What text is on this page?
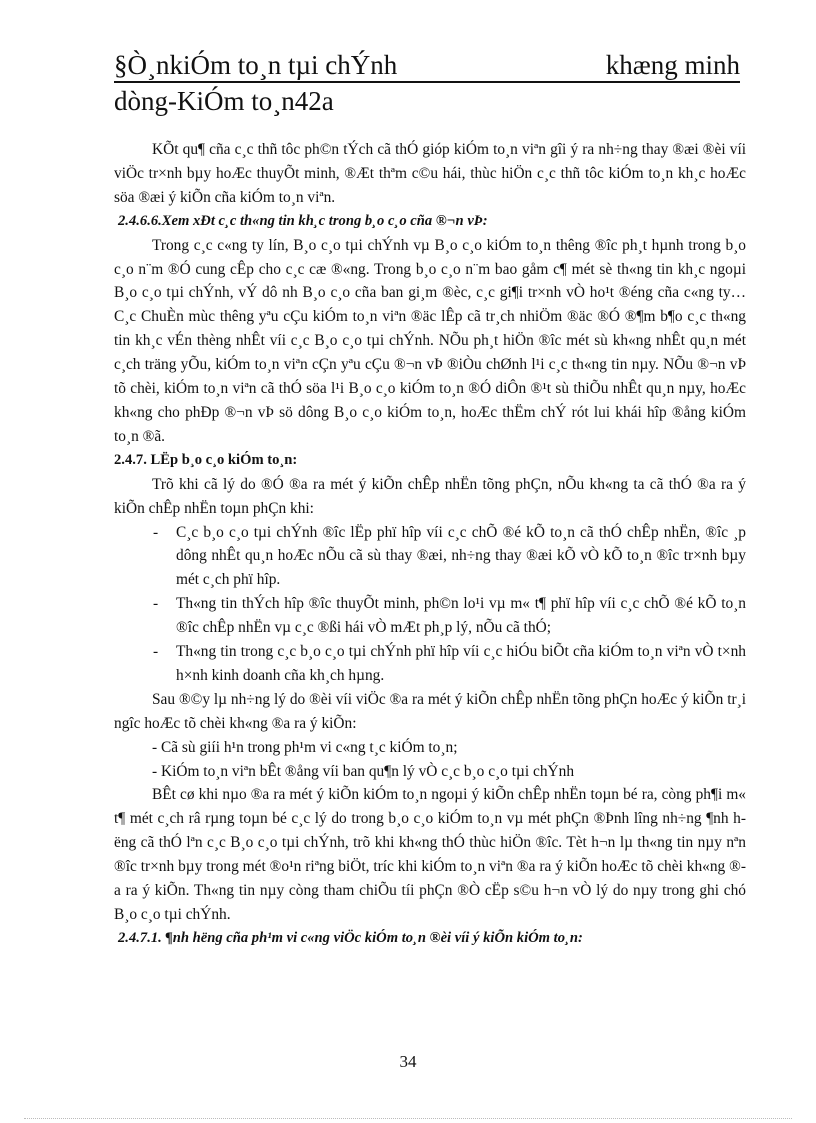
§Ò¸nkiÓm to¸n tµi chÝnh	khæng minh
dòng-KiÓm to¸n42a

KÕt qu¶ cña c¸c thñ tôc ph©n tÝch cã thÓ gióp kiÓm to¸n viªn gîi ý ra nh÷ng thay ®æi ®èi víi viÖc tr×nh bµy hoÆc thuyÕt minh, ®Æt thªm c©u hái, thùc hiÖn c¸c thñ tôc kiÓm to¸n kh¸c hoÆc söa ®æi ý kiÕn cña kiÓm to¸n viªn.

2.4.6.6.Xem xÐt c¸c th«ng tin kh¸c trong b¸o c¸o cña ®¬n vÞ:

Trong c¸c c«ng ty lín, B¸o c¸o tµi chÝnh vµ B¸o c¸o kiÓm to¸n thêng ®îc ph¸t hµnh trong b¸o c¸o n¨m ®Ó cung cÊp cho c¸c cæ ®«ng. Trong b¸o c¸o n¨m bao gåm c¶ mét sè th«ng tin kh¸c ngoµi B¸o c¸o tµi chÝnh, vÝ dô nh B¸o c¸o cña ban gi¸m ®èc, c¸c gi¶i tr×nh vÒ ho¹t ®éng cña c«ng ty… C¸c ChuÈn mùc thêng yªu cÇu kiÓm to¸n viªn ®äc lÊp cã tr¸ch nhiÖm ®äc ®Ó ®¶m b¶o c¸c th«ng tin kh¸c vÉn thèng nhÊt víi c¸c B¸o c¸o tµi chÝnh. NÕu ph¸t hiÖn ®îc mét sù kh«ng nhÊt qu¸n mét c¸ch träng yÕu, kiÓm to¸n viªn cÇn yªu cÇu ®¬n vÞ ®iÒu chØnh l¹i c¸c th«ng tin nµy. NÕu ®¬n vÞ tõ chèi, kiÓm to¸n viªn cã thÓ söa l¹i B¸o c¸o kiÓm to¸n ®Ó diÔn ®¹t sù thiÕu nhÊt qu¸n nµy, hoÆc kh«ng cho phÐp ®¬n vÞ sö dông B¸o c¸o kiÓm to¸n, hoÆc thËm chÝ rót lui khái hîp ®ång kiÓm to¸n ®ã.

2.4.7. LËp b¸o c¸o kiÓm to¸n:

Trõ khi cã lý do ®Ó ®a ra mét ý kiÕn chÊp nhËn tõng phÇn, nÕu kh«ng ta cã thÓ ®a ra ý kiÕn chÊp nhËn toµn phÇn khi:

-	C¸c b¸o c¸o tµi chÝnh ®îc lËp phï hîp víi c¸c chÕ ®é kÕ to¸n cã thÓ chÊp nhËn, ®îc ¸p dông nhÊt qu¸n hoÆc nÕu cã sù thay ®æi, nh÷ng thay ®æi kÕ vÒ kÕ to¸n ®îc tr×nh bµy mét c¸ch phï hîp.
-	Th«ng tin thÝch hîp ®îc thuyÕt minh, ph©n lo¹i vµ m« t¶ phï hîp víi c¸c chÕ ®é kÕ to¸n ®îc chÊp nhËn vµ c¸c ®ßi hái vÒ mÆt ph¸p lý, nÕu cã thÓ;
-	Th«ng tin trong c¸c b¸o c¸o tµi chÝnh phï hîp víi c¸c hiÓu biÕt cña kiÓm to¸n viªn vÒ t×nh h×nh kinh doanh cña kh¸ch hµng.

Sau ®©y lµ nh÷ng lý do ®èi víi viÖc ®a ra mét ý kiÕn chÊp nhËn tõng phÇn hoÆc ý kiÕn tr¸i ngîc hoÆc tõ chèi kh«ng ®a ra ý kiÕn:

- Cã sù giíi h¹n trong ph¹m vi c«ng t¸c kiÓm to¸n;

- KiÓm to¸n viªn bÊt ®ång víi ban qu¶n lý vÒ c¸c b¸o c¸o tµi chÝnh

BÊt cø khi nµo ®a ra mét ý kiÕn kiÓm to¸n ngoµi ý kiÕn chÊp nhËn toµn bé ra, còng ph¶i m« t¶ mét c¸ch râ rµng toµn bé c¸c lý do trong b¸o c¸o kiÓm to¸n vµ mét phÇn ®Þnh lîng nh÷ng ¶nh hëng cã thÓ lªn c¸c B¸o c¸o tµi chÝnh, trõ khi kh«ng thÓ thùc hiÖn ®îc. Tèt h¬n lµ th«ng tin nµy nªn ®îc tr×nh bµy trong mét ®o¹n riªng biÖt, tríc khi kiÓm to¸n viªn ®a ra ý kiÕn hoÆc tõ chèi kh«ng ®a ra ý kiÕn. Th«ng tin nµy còng tham chiÕu tíi phÇn ®Ò cËp s©u h¬n vÒ lý do nµy trong ghi chó B¸o c¸o tµi chÝnh.

2.4.7.1. ¶nh hëng cña ph¹m vi c«ng viÖc kiÓm to¸n ®èi víi ý kiÕn kiÓm to¸n:

34
